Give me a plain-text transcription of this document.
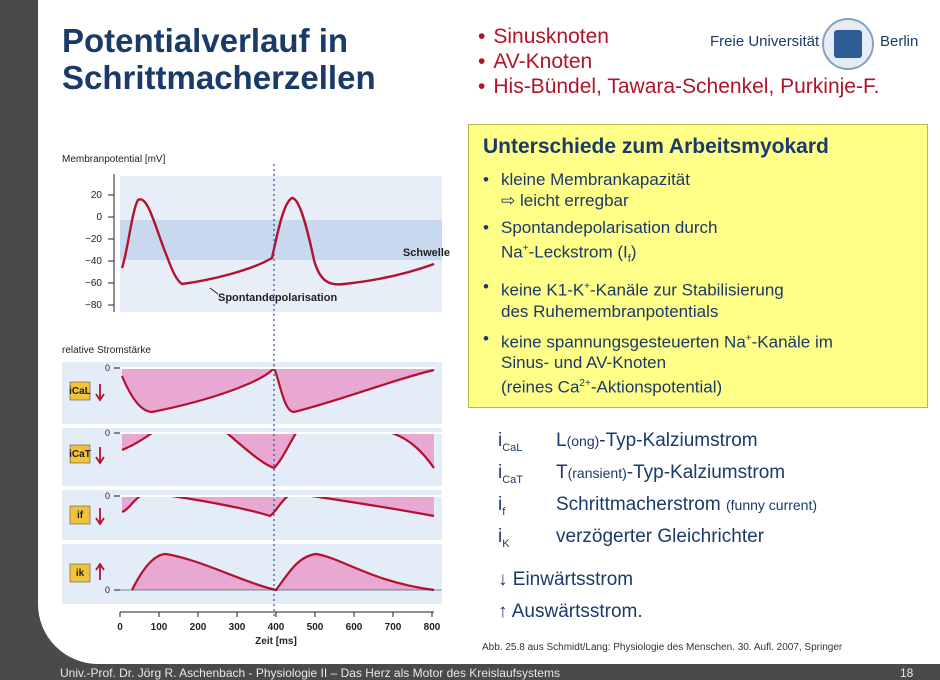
Potentialverlauf in
Schrittmacherzellen
• Sinusknoten
• AV-Knoten
• His-Bündel, Tawara-Schenkel, Purkinje-F.
Freie Universität	Berlin
Unterschiede zum Arbeitsmyokard
• kleine Membrankapazität
⇨ leicht erregbar
• Spontandepolarisation durch
Na+-Leckstrom $(I_f)$
• keine K1-K+-Kanäle zur Stabilisierung
des Ruhemembranpotentials
• keine spannungsgesteuerten Na+-Kanäle im
Sinus- und AV-Knoten
(reines $Ca^{2+}-Aktionspotential$)
$i_{CaL}$	L(ong)-Typ-Kalziumstrom
$i_{CaT}$	T(ransient)-Typ-Kalziumstrom
$i_f$	Schrittmacherstrom (funny current)
$i_K$	verzögerter Gleichrichter
↓ Einwärtsstrom
↑ Auswärtsstrom.
Abb. 25.8 aus Schmidt/Lang: Physiologie des Menschen. 30. Aufl. 2007, Springer
Univ.-Prof. Dr. Jörg R. Aschenbach - Physiologie II – Das Herz als Motor des Kreislaufsystems	18
Membranpotential [mV]
20
0
−20
−40
−60
−80
Schwelle
Spontandepolarisation
relative Stromstärke
iCaL
iCaT
if
ik
0
0
0
0
0	100 200 300 400 500 600 700 800
Zeit [ms]
